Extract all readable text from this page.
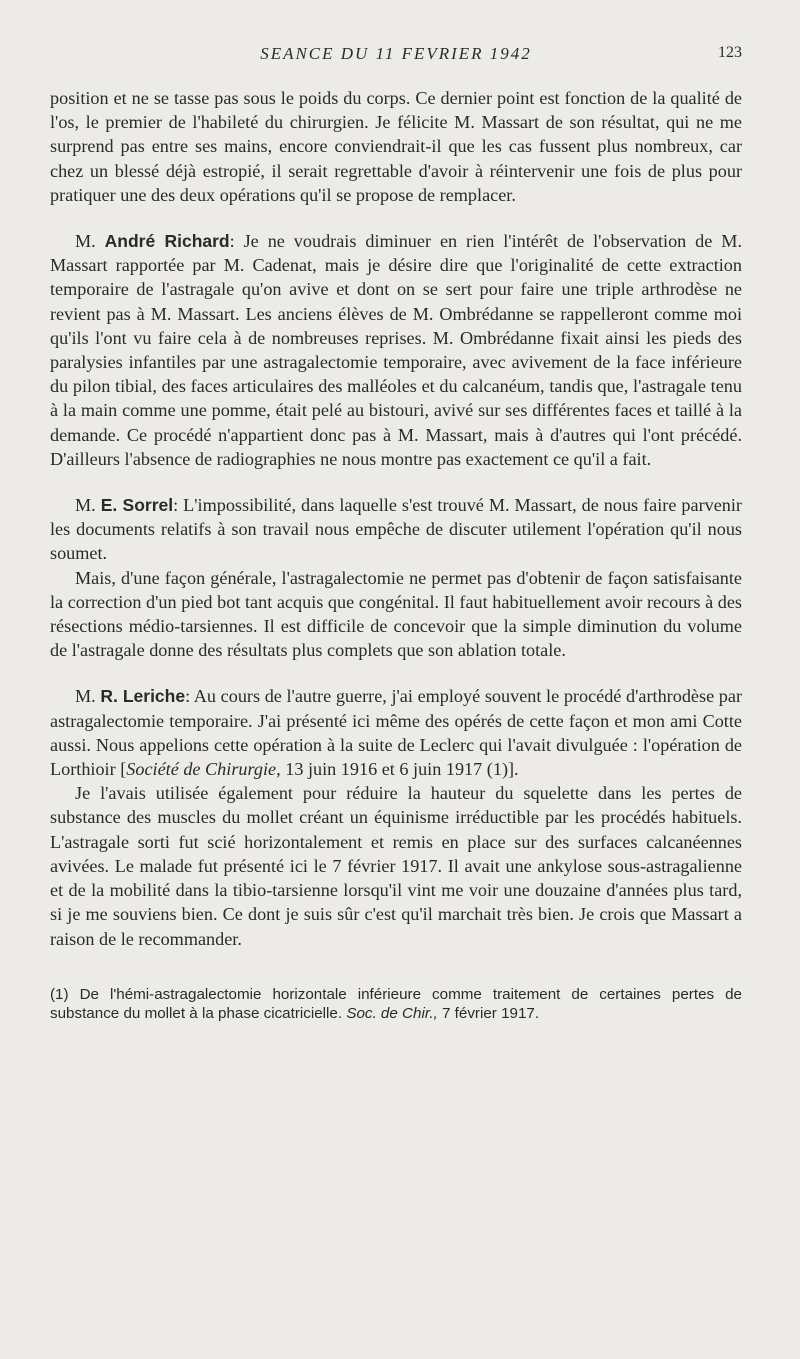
SEANCE DU 11 FEVRIER 1942	123

position et ne se tasse pas sous le poids du corps. Ce dernier point est fonction de la qualité de l'os, le premier de l'habileté du chirurgien. Je félicite M. Massart de son résultat, qui ne me surprend pas entre ses mains, encore conviendrait-il que les cas fussent plus nombreux, car chez un blessé déjà estropié, il serait regrettable d'avoir à réintervenir une fois de plus pour pratiquer une des deux opérations qu'il se propose de remplacer.

M. André Richard: Je ne voudrais diminuer en rien l'intérêt de l'observation de M. Massart rapportée par M. Cadenat, mais je désire dire que l'originalité de cette extraction temporaire de l'astragale qu'on avive et dont on se sert pour faire une triple arthrodèse ne revient pas à M. Massart. Les anciens élèves de M. Ombrédanne se rappelleront comme moi qu'ils l'ont vu faire cela à de nombreuses reprises. M. Ombrédanne fixait ainsi les pieds des paralysies infantiles par une astragalectomie temporaire, avec avivement de la face inférieure du pilon tibial, des faces articulaires des malléoles et du calcanéum, tandis que, l'astragale tenu à la main comme une pomme, était pelé au bistouri, avivé sur ses différentes faces et taillé à la demande. Ce procédé n'appartient donc pas à M. Massart, mais à d'autres qui l'ont précédé. D'ailleurs l'absence de radiographies ne nous montre pas exactement ce qu'il a fait.

M. E. Sorrel: L'impossibilité, dans laquelle s'est trouvé M. Massart, de nous faire parvenir les documents relatifs à son travail nous empêche de discuter utilement l'opération qu'il nous soumet.

Mais, d'une façon générale, l'astragalectomie ne permet pas d'obtenir de façon satisfaisante la correction d'un pied bot tant acquis que congénital. Il faut habituellement avoir recours à des résections médio-tarsiennes. Il est difficile de concevoir que la simple diminution du volume de l'astragale donne des résultats plus complets que son ablation totale.

M. R. Leriche: Au cours de l'autre guerre, j'ai employé souvent le procédé d'arthrodèse par astragalectomie temporaire. J'ai présenté ici même des opérés de cette façon et mon ami Cotte aussi. Nous appelions cette opération à la suite de Leclerc qui l'avait divulguée : l'opération de Lorthioir [Société de Chirurgie, 13 juin 1916 et 6 juin 1917 (1)].

Je l'avais utilisée également pour réduire la hauteur du squelette dans les pertes de substance des muscles du mollet créant un équinisme irréductible par les procédés habituels. L'astragale sorti fut scié horizontalement et remis en place sur des surfaces calcanéennes avivées. Le malade fut présenté ici le 7 février 1917. Il avait une ankylose sous-astragalienne et de la mobilité dans la tibio-tarsienne lorsqu'il vint me voir une douzaine d'années plus tard, si je me souviens bien. Ce dont je suis sûr c'est qu'il marchait très bien. Je crois que Massart a raison de le recommander.

(1) De l'hémi-astragalectomie horizontale inférieure comme traitement de certaines pertes de substance du mollet à la phase cicatricielle. Soc. de Chir., 7 février 1917.
